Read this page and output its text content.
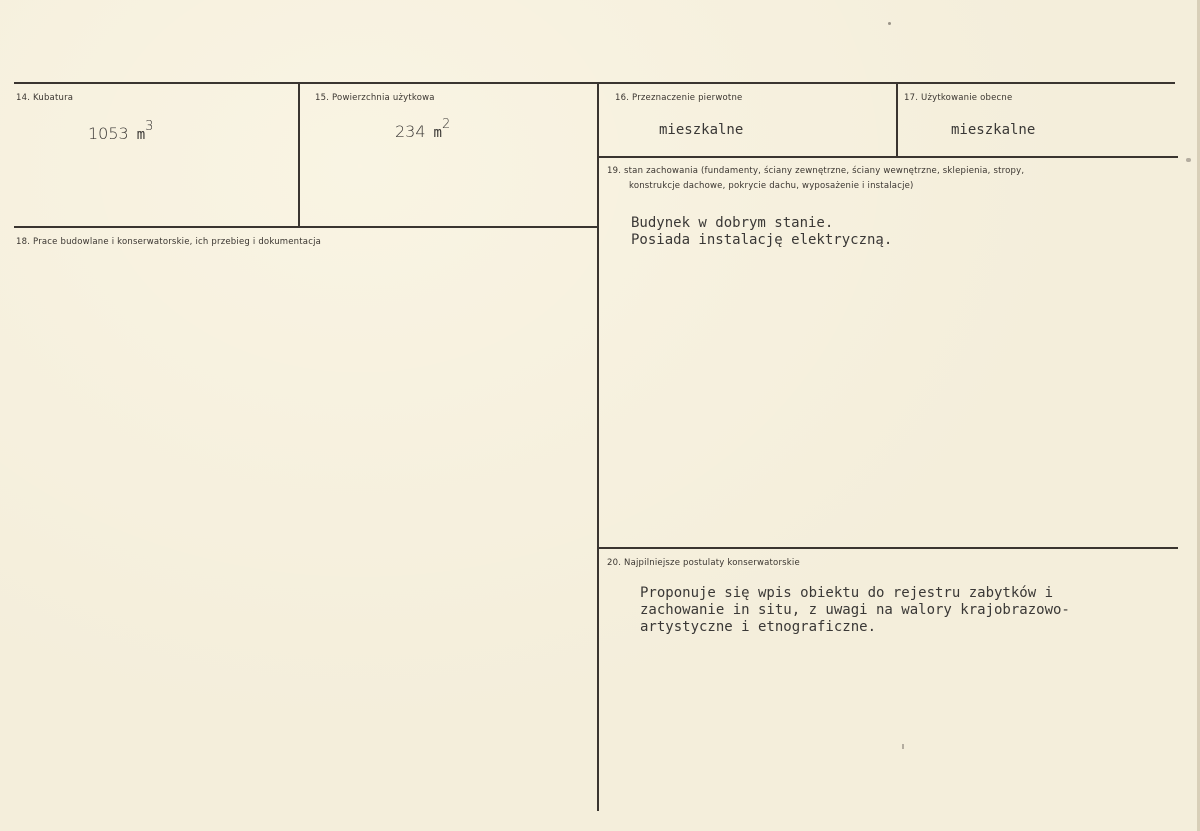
14. Kubatura
1053 $m^3$
15. Powierzchnia użytkowa
234 $m^2$
16. Przeznaczenie pierwotne
mieszkalne
17. Użytkowanie obecne
mieszkalne
18. Prace budowlane i konserwatorskie, ich przebieg i dokumentacja
19. stan zachowania (fundamenty, ściany zewnętrzne, ściany wewnętrzne, sklepienia, stropy,
konstrukcje dachowe, pokrycie dachu, wyposażenie i instalacje)
Budynek w dobrym stanie.
Posiada instalację elektryczną.
20. Najpilniejsze postulaty konserwatorskie
Proponuje się wpis obiektu do rejestru zabytków i
zachowanie in situ, z uwagi na walory krajobrazowo-
artystyczne i etnograficzne.
